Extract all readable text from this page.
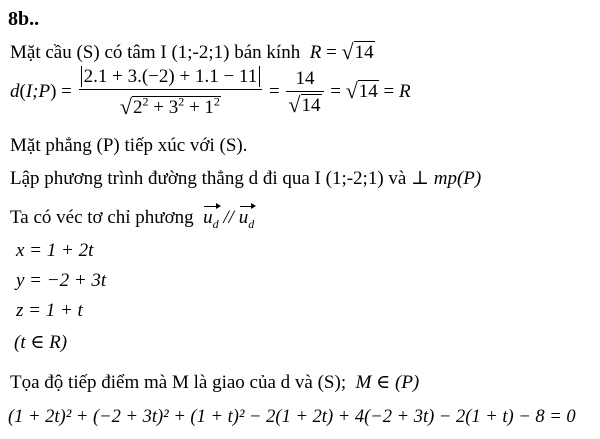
8b..
Mặt cầu (S) có tâm I (1;-2;1) bán kính R = √14
d(I;P) = $\frac{2.1 + 3.(-2) + 1.1 - 11}{√2^2 + 3^2 + 1^2} = \frac{14}{√14} = √14 = R$
Mặt phẳng (P) tiếp xúc với (S).
Lập phương trình đường thẳng d đi qua I (1;-2;1) và ⊥ mp(P)
Ta có véc tơ chỉ phương $u_d // u_d$
x = 1 + 2t
y = −2 + 3t
z = 1 + t
(t ∈ R)
Tọa độ tiếp điểm mà M là giao của d và (S); M ∈ (P)
(1 + 2t)² + (−2 + 3t)² + (1 + t)² − 2(1 + 2t) + 4(−2 + 3t) − 2(1 + t) − 8 = 0
